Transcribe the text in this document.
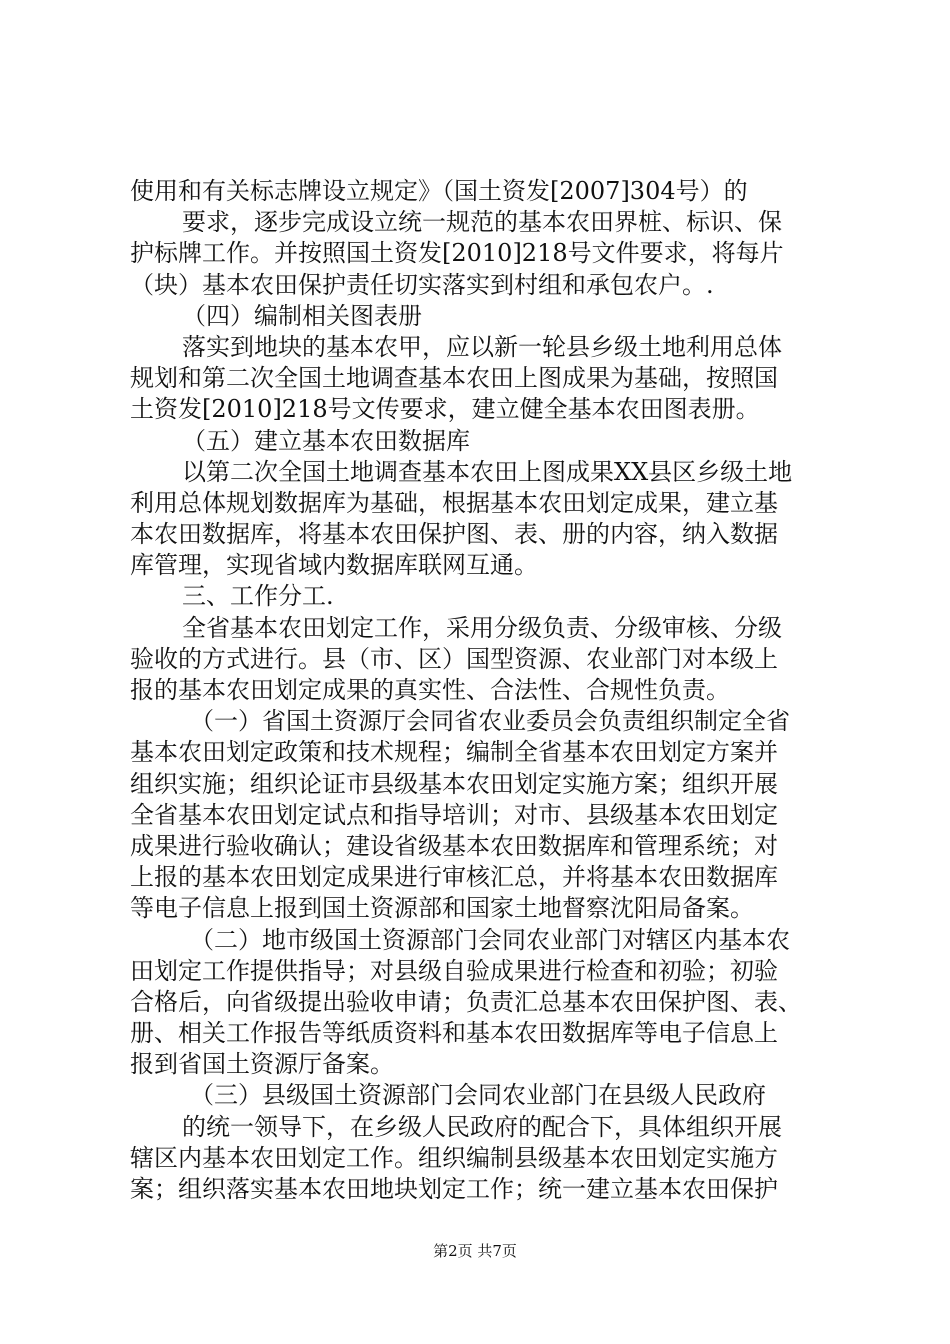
使用和有关标志牌设立规定》（国土资发[2007]304号）的
要求，逐步完成设立统一规范的基本农田界桩、标识、保
护标牌工作。并按照国土资发[2010]218号文件要求，将每片
（块）基本农田保护责任切实落实到村组和承包农户。.
（四）编制相关图表册
落实到地块的基本农甲，应以新一轮县乡级土地利用总体
规划和第二次全国土地调查基本农田上图成果为基础，按照国
土资发[2010]218号文传要求，建立健全基本农田图表册。
（五）建立基本农田数据库
以第二次全国土地调查基本农田上图成果XX县区乡级土地
利用总体规划数据库为基础，根据基本农田划定成果，建立基
本农田数据库，将基本农田保护图、表、册的内容，纳入数据
库管理，实现省域内数据库联网互通。
三、工作分工.
全省基本农田划定工作，采用分级负责、分级审核、分级
验收的方式进行。县（市、区）国型资源、农业部门对本级上
报的基本农田划定成果的真实性、合法性、合规性负责。
（一）省国土资源厅会同省农业委员会负责组织制定全省
基本农田划定政策和技术规程；编制全省基本农田划定方案并
组织实施；组织论证市县级基本农田划定实施方案；组织开展
全省基本农田划定试点和指导培训；对市、县级基本农田划定
成果进行验收确认；建设省级基本农田数据库和管理系统；对
上报的基本农田划定成果进行审核汇总，并将基本农田数据库
等电子信息上报到国土资源部和国家土地督察沈阳局备案。
（二）地市级国土资源部门会同农业部门对辖区内基本农
田划定工作提供指导；对县级自验成果进行检查和初验；初验
合格后，向省级提出验收申请；负责汇总基本农田保护图、表、
册、相关工作报告等纸质资料和基本农田数据库等电子信息上
报到省国土资源厅备案。
（三）县级国土资源部门会同农业部门在县级人民政府
的统一领导下，在乡级人民政府的配合下，具体组织开展
辖区内基本农田划定工作。组织编制县级基本农田划定实施方
案；组织落实基本农田地块划定工作；统一建立基本农田保护
第2页 共7页
